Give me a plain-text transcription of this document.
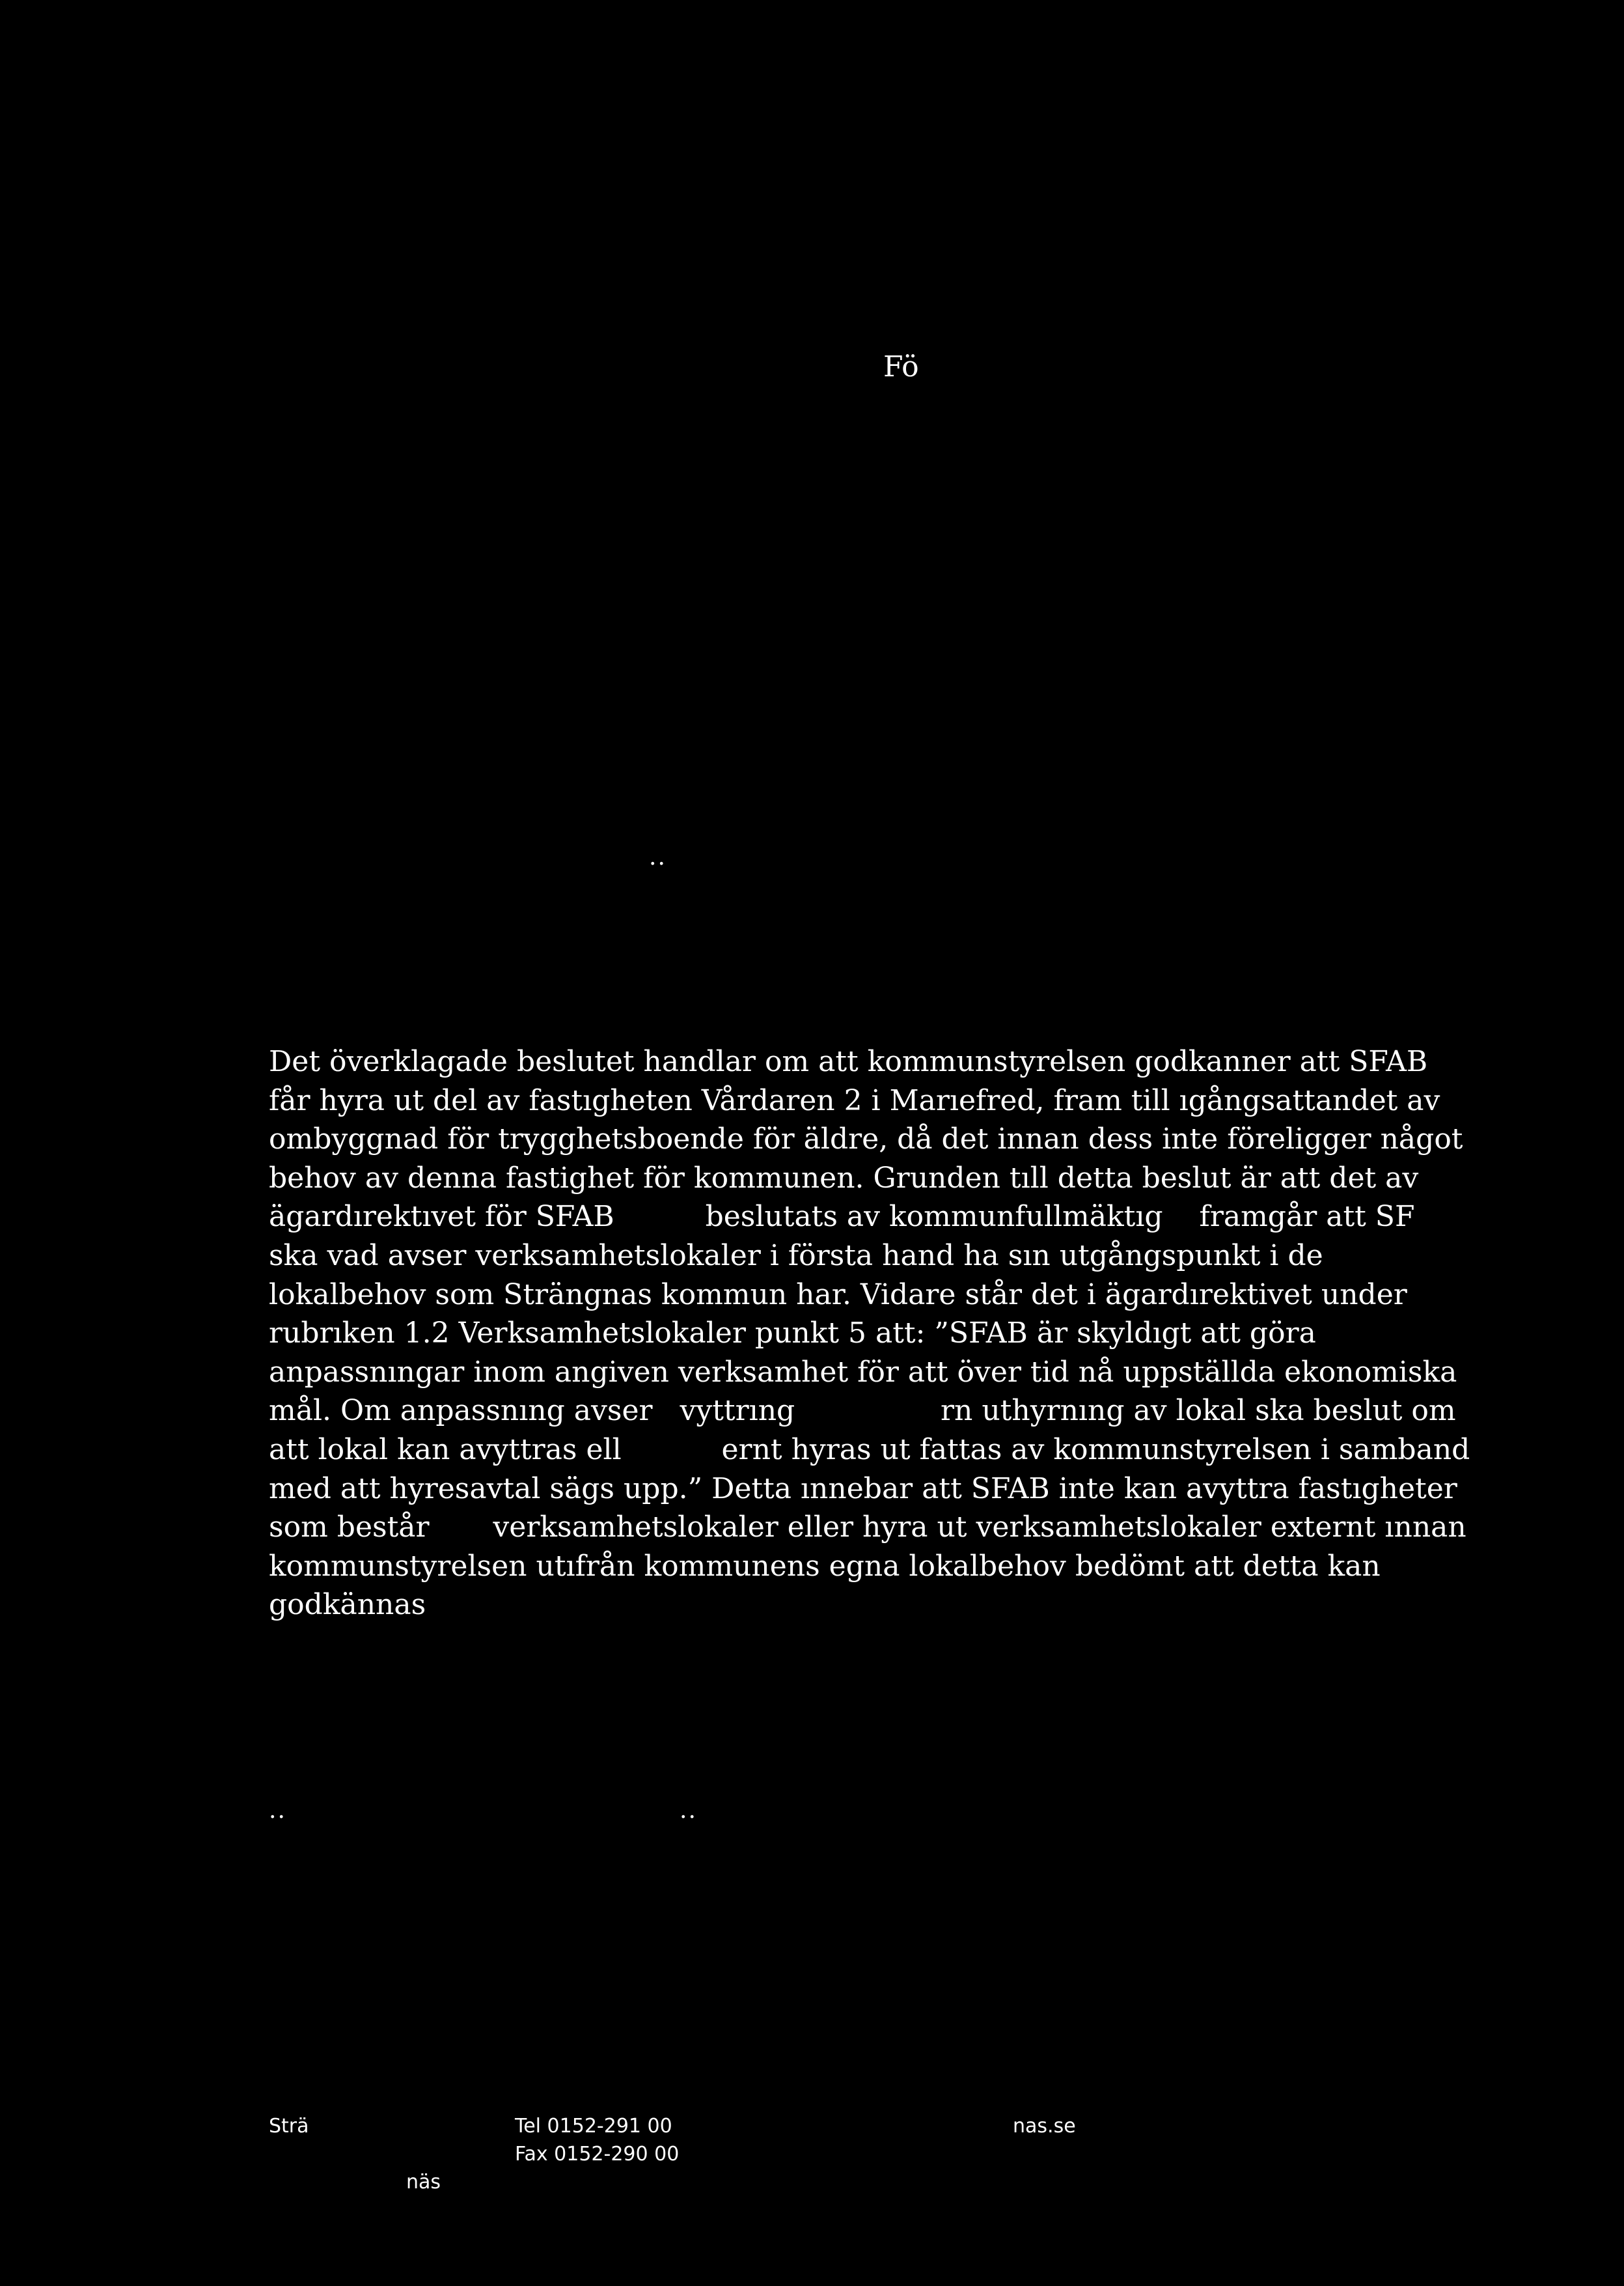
Fö
..
Det överklagade beslutet handlar om att kommunstyrelsen godkanner att SFAB
får hyra ut del av fastıgheten Vårdaren 2 i Marıefred, fram till ıgångsattandet av
ombyggnad för trygghetsboende för äldre, då det innan dess inte föreligger något
behov av denna fastighet för kommunen. Grunden tıll detta beslut är att det av
ägardırektıvet för SFAB          beslutats av kommunfullmäktıg    framgår att SF
ska vad avser verksamhetslokaler i första hand ha sın utgångspunkt i de
lokalbehov som Strängnas kommun har. Vidare står det i ägardırektivet under
rubrıken 1.2 Verksamhetslokaler punkt 5 att: ”SFAB är skyldıgt att göra
anpassnıngar inom angiven verksamhet för att över tid nå uppställda ekonomiska
mål. Om anpassnıng avser   vyttrıng                rn uthyrnıng av lokal ska beslut om
att lokal kan avyttras ell           ernt hyras ut fattas av kommunstyrelsen i samband
med att hyresavtal sägs upp.” Detta ınnebar att SFAB inte kan avyttra fastıgheter
som består       verksamhetslokaler eller hyra ut verksamhetslokaler externt ınnan
kommunstyrelsen utıfrån kommunens egna lokalbehov bedömt att detta kan
godkännas
..	..
Strä
näs
Tel 0152-291 00
Fax 0152-290 00
nas.se
